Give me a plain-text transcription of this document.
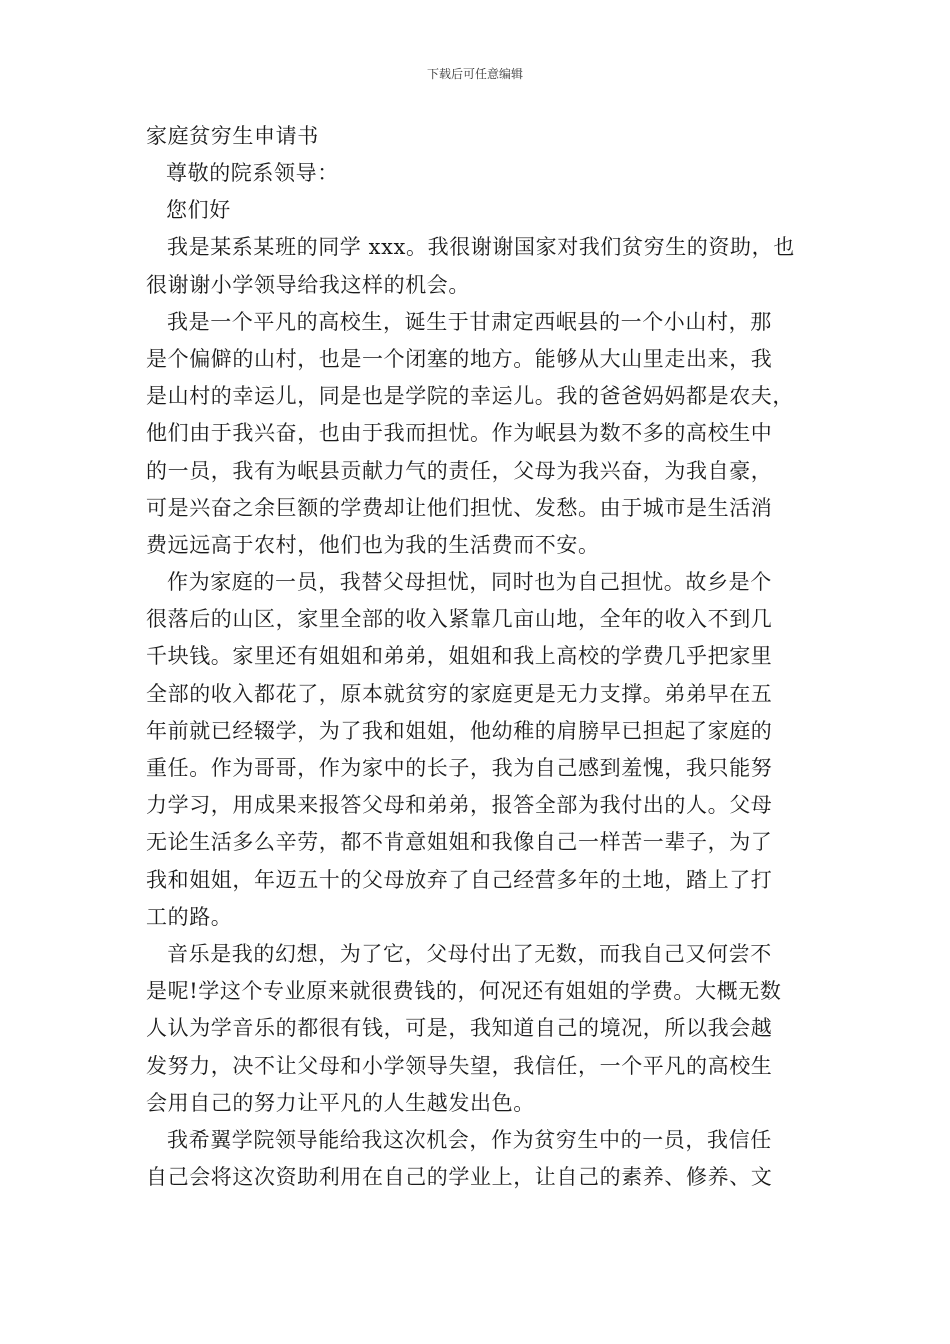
下载后可任意编辑
家庭贫穷生申请书
尊敬的院系领导：
您们好
我是某系某班的同学 xxx。我很谢谢国家对我们贫穷生的资助，也
很谢谢小学领导给我这样的机会。
我是一个平凡的高校生，诞生于甘肃定西岷县的一个小山村，那
是个偏僻的山村，也是一个闭塞的地方。能够从大山里走出来，我
是山村的幸运儿，同是也是学院的幸运儿。我的爸爸妈妈都是农夫，
他们由于我兴奋，也由于我而担忧。作为岷县为数不多的高校生中
的一员，我有为岷县贡献力气的责任，父母为我兴奋，为我自豪，
可是兴奋之余巨额的学费却让他们担忧、发愁。由于城市是生活消
费远远高于农村，他们也为我的生活费而不安。
作为家庭的一员，我替父母担忧，同时也为自己担忧。故乡是个
很落后的山区，家里全部的收入紧靠几亩山地，全年的收入不到几
千块钱。家里还有姐姐和弟弟，姐姐和我上高校的学费几乎把家里
全部的收入都花了，原本就贫穷的家庭更是无力支撑。弟弟早在五
年前就已经辍学，为了我和姐姐，他幼稚的肩膀早已担起了家庭的
重任。作为哥哥，作为家中的长子，我为自己感到羞愧，我只能努
力学习，用成果来报答父母和弟弟，报答全部为我付出的人。父母
无论生活多么辛劳，都不肯意姐姐和我像自己一样苦一辈子，为了
我和姐姐，年迈五十的父母放弃了自己经营多年的土地，踏上了打
工的路。
音乐是我的幻想，为了它，父母付出了无数，而我自己又何尝不
是呢!学这个专业原来就很费钱的，何况还有姐姐的学费。大概无数
人认为学音乐的都很有钱，可是，我知道自己的境况，所以我会越
发努力，决不让父母和小学领导失望，我信任，一个平凡的高校生
会用自己的努力让平凡的人生越发出色。
我希翼学院领导能给我这次机会，作为贫穷生中的一员，我信任
自己会将这次资助利用在自己的学业上，让自己的素养、修养、文
